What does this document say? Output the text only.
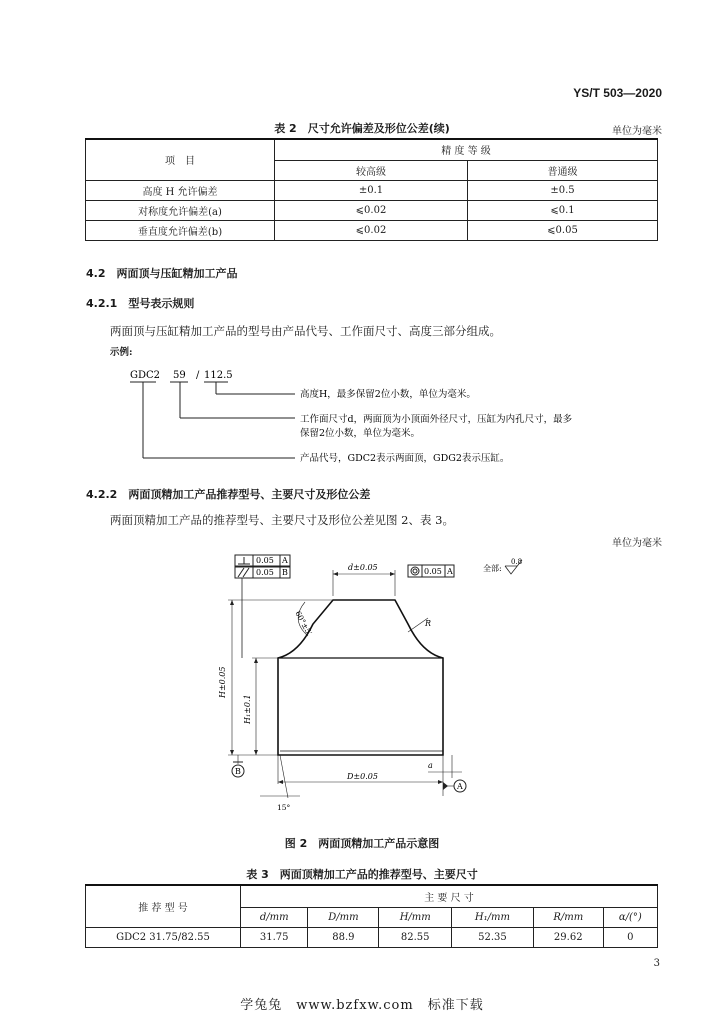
YS/T 503—2020
表 2　尺寸允许偏差及形位公差(续)	单位为毫米
项　目	精 度 等 级	
	较高级	普通级
高度 H 允许偏差	±0.1	±0.5
对称度允许偏差(a)	⩽0.02	⩽0.1
垂直度允许偏差(b)	⩽0.02	⩽0.05
4.2　两面顶与压缸精加工产品
4.2.1　型号表示规则
两面顶与压缸精加工产品的型号由产品代号、工作面尺寸、高度三部分组成。
示例:
GDC2 59 / 112.5
高度H，最多保留2位小数，单位为毫米。
工作面尺寸d，两面顶为小顶面外径尺寸，压缸为内孔尺寸，最多
保留2位小数，单位为毫米。
产品代号，GDC2表示两面顶，GDG2表示压缸。
4.2.2　两面顶精加工产品推荐型号、主要尺寸及形位公差
两面顶精加工产品的推荐型号、主要尺寸及形位公差见图 2、表 3。
单位为毫米
0.05 A
0.05 B	0.05 A	全部:
0.8
d±0.05
60°±5′	R
H±0.05
H₁±0.1
B
D±0.05
a
A
15°
图 2　两面顶精加工产品示意图
表 3　两面顶精加工产品的推荐型号、主要尺寸
推 荐 型 号	主 要 尺 寸					
	d/mm	D/mm	H/mm	H₁/mm	R/mm	α/(°)
GDC2 31.75/82.55	31.75	88.9	82.55	52.35	29.62	0
3
学兔兔　www.bzfxw.com　标准下载
